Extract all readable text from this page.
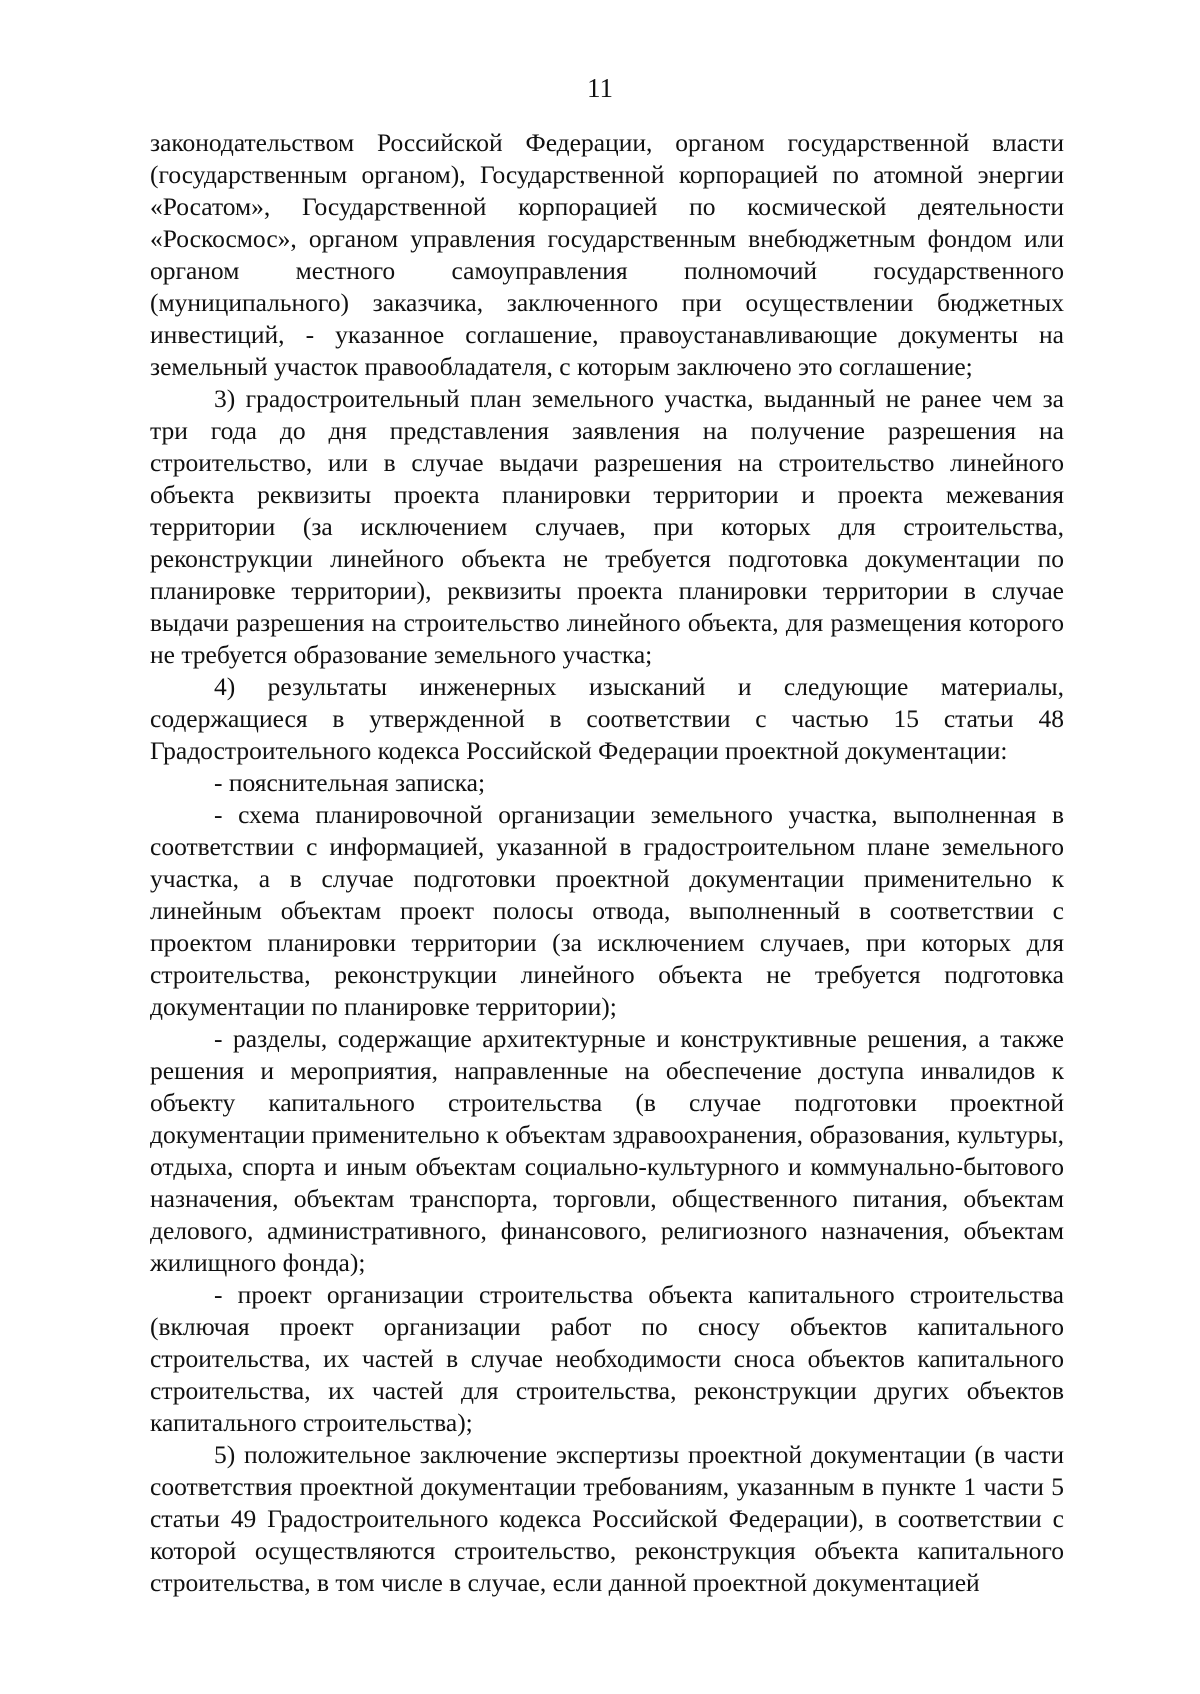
11

законодательством Российской Федерации, органом государственной власти (государственным органом), Государственной корпорацией по атомной энергии «Росатом», Государственной корпорацией по космической деятельности «Роскосмос», органом управления государственным внебюджетным фондом или органом местного самоуправления полномочий государственного (муниципального) заказчика, заключенного при осуществлении бюджетных инвестиций, - указанное соглашение, правоустанавливающие документы на земельный участок правообладателя, с которым заключено это соглашение;

3) градостроительный план земельного участка, выданный не ранее чем за три года до дня представления заявления на получение разрешения на строительство, или в случае выдачи разрешения на строительство линейного объекта реквизиты проекта планировки территории и проекта межевания территории (за исключением случаев, при которых для строительства, реконструкции линейного объекта не требуется подготовка документации по планировке территории), реквизиты проекта планировки территории в случае выдачи разрешения на строительство линейного объекта, для размещения которого не требуется образование земельного участка;

4) результаты инженерных изысканий и следующие материалы, содержащиеся в утвержденной в соответствии с частью 15 статьи 48 Градостроительного кодекса Российской Федерации проектной документации:

- пояснительная записка;

- схема планировочной организации земельного участка, выполненная в соответствии с информацией, указанной в градостроительном плане земельного участка, а в случае подготовки проектной документации применительно к линейным объектам проект полосы отвода, выполненный в соответствии с проектом планировки территории (за исключением случаев, при которых для строительства, реконструкции линейного объекта не требуется подготовка документации по планировке территории);

- разделы, содержащие архитектурные и конструктивные решения, а также решения и мероприятия, направленные на обеспечение доступа инвалидов к объекту капитального строительства (в случае подготовки проектной документации применительно к объектам здравоохранения, образования, культуры, отдыха, спорта и иным объектам социально-культурного и коммунально-бытового назначения, объектам транспорта, торговли, общественного питания, объектам делового, административного, финансового, религиозного назначения, объектам жилищного фонда);

- проект организации строительства объекта капитального строительства (включая проект организации работ по сносу объектов капитального строительства, их частей в случае необходимости сноса объектов капитального строительства, их частей для строительства, реконструкции других объектов капитального строительства);

5) положительное заключение экспертизы проектной документации (в части соответствия проектной документации требованиям, указанным в пункте 1 части 5 статьи 49 Градостроительного кодекса Российской Федерации), в соответствии с которой осуществляются строительство, реконструкция объекта капитального строительства, в том числе в случае, если данной проектной документацией
